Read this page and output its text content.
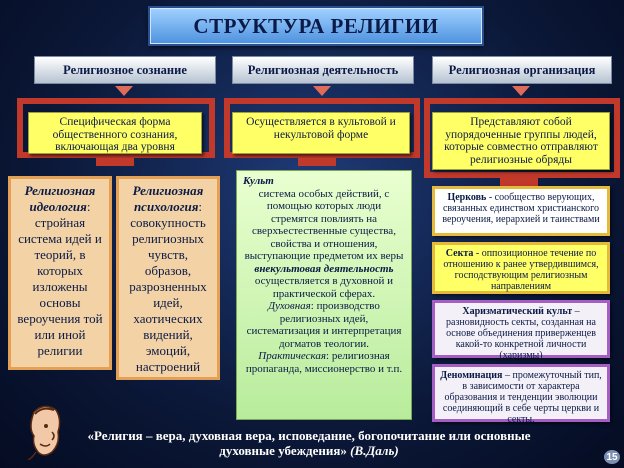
СТРУКТУРА РЕЛИГИИ
Религиозное сознание	Религиозная деятельность	Религиозная организация
Специфическая форма общественного сознания, включающая два уровня
Осуществляется в культовой и некультовой форме
Представляют собой упорядоченные группы людей, которые совместно отправляют религиозные обряды
Религиозная идеология: стройная система идей и теорий, в которых изложены основы вероучения той или иной религии
Религиозная психология: совокупность религиозных чувств, образов, разрозненных идей, хаотических видений, эмоций, настроений верующих
Культ
система особых действий, с помощью которых люди стремятся повлиять на сверхъестественные существа, свойства и отношения, выступающие предметом их веры
внекультовая деятельность
осуществляется в духовной и практической сферах.
Духовная: производство религиозных идей, систематизация и интерпретация догматов теологии.
Практическая: религиозная пропаганда, миссионерство и т.п.
Церковь - сообщество верующих, связанных единством христианского вероучения, иерархией и таинствами
Секта - оппозиционное течение по отношению к ранее утвердившимся, господствующим религиозным направлениям
Харизматический культ – разновидность секты, созданная на основе объединения приверженцев какой-то конкретной личности (харизмы)
Деноминация – промежуточный тип, в зависимости от характера образования и тенденции эволюции соединяющий в себе черты церкви и секты.
«Религия – вера, духовная вера, исповедание, богопочитание или основные духовные убеждения» (В.Даль)	15
